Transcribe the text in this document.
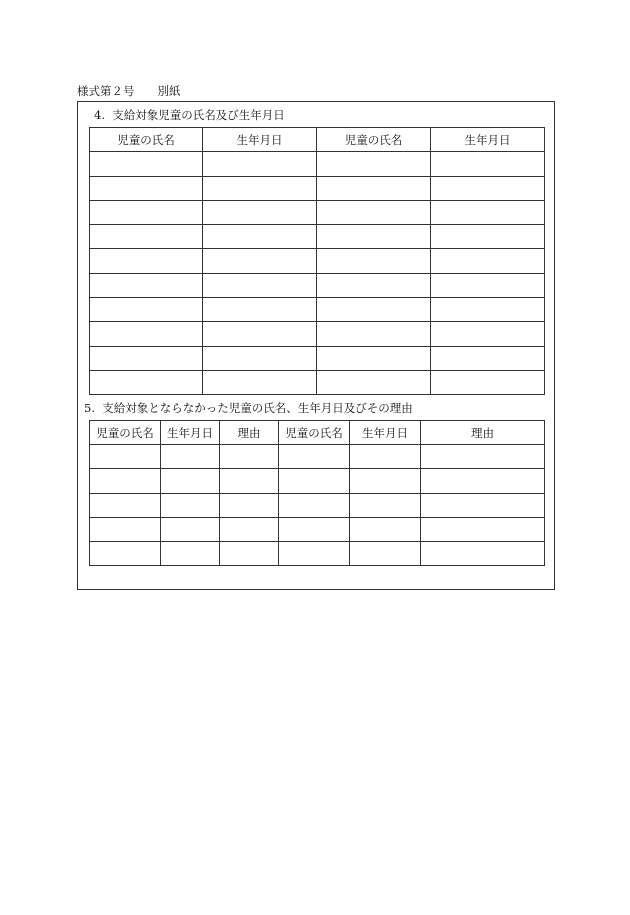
様式第２号　　別紙
4.  支給対象児童の氏名及び生年月日
児童の氏名	生年月日	児童の氏名	生年月日

5.  支給対象とならなかった児童の氏名、生年月日及びその理由
児童の氏名	生年月日	理由	児童の氏名	生年月日	理由
